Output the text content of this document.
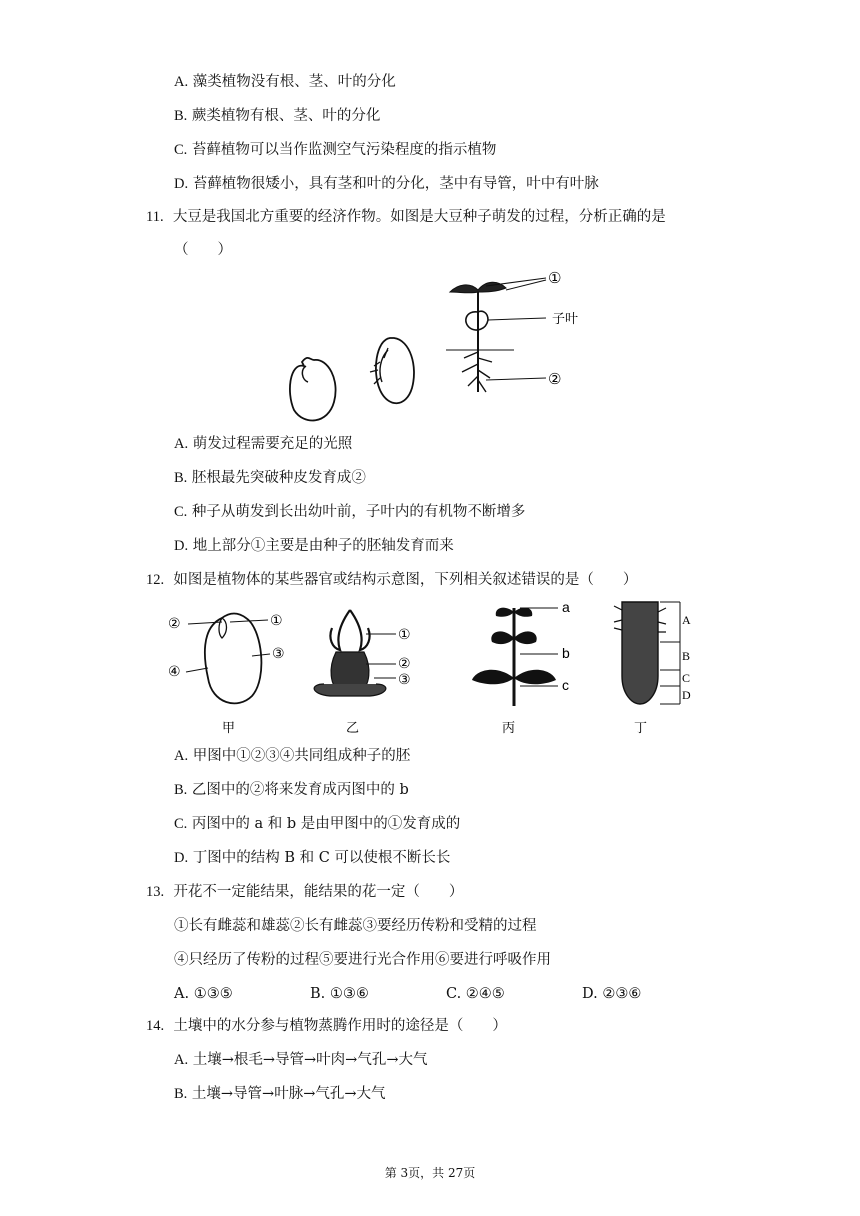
A. 藻类植物没有根、茎、叶的分化
B. 蕨类植物有根、茎、叶的分化
C. 苔藓植物可以当作监测空气污染程度的指示植物
D. 苔藓植物很矮小，具有茎和叶的分化，茎中有导管，叶中有叶脉
11. 大豆是我国北方重要的经济作物。如图是大豆种子萌发的过程，分析正确的是
（　　）
①
子叶
②
A. 萌发过程需要充足的光照
B. 胚根最先突破种皮发育成②
C. 种子从萌发到长出幼叶前，子叶内的有机物不断增多
D. 地上部分①主要是由种子的胚轴发育而来
12. 如图是植物体的某些器官或结构示意图，下列相关叙述错误的是（　　）
②	①
③
④
甲
①
②
③
乙
a
b
c
丙
A
B
C
D
丁
A. 甲图中①②③④共同组成种子的胚
B. 乙图中的②将来发育成丙图中的 b
C. 丙图中的 a 和 b 是由甲图中的①发育成的
D. 丁图中的结构 B 和 C 可以使根不断长长
13. 开花不一定能结果，能结果的花一定（　　）
①长有雌蕊和雄蕊②长有雌蕊③要经历传粉和受精的过程
④只经历了传粉的过程⑤要进行光合作用⑥要进行呼吸作用
A. ①③⑤	B. ①③⑥	C. ②④⑤	D. ②③⑥
14. 土壤中的水分参与植物蒸腾作用时的途径是（　　）
A. 土壤→根毛→导管→叶肉→气孔→大气
B. 土壤→导管→叶脉→气孔→大气
第 3页，共 27页
